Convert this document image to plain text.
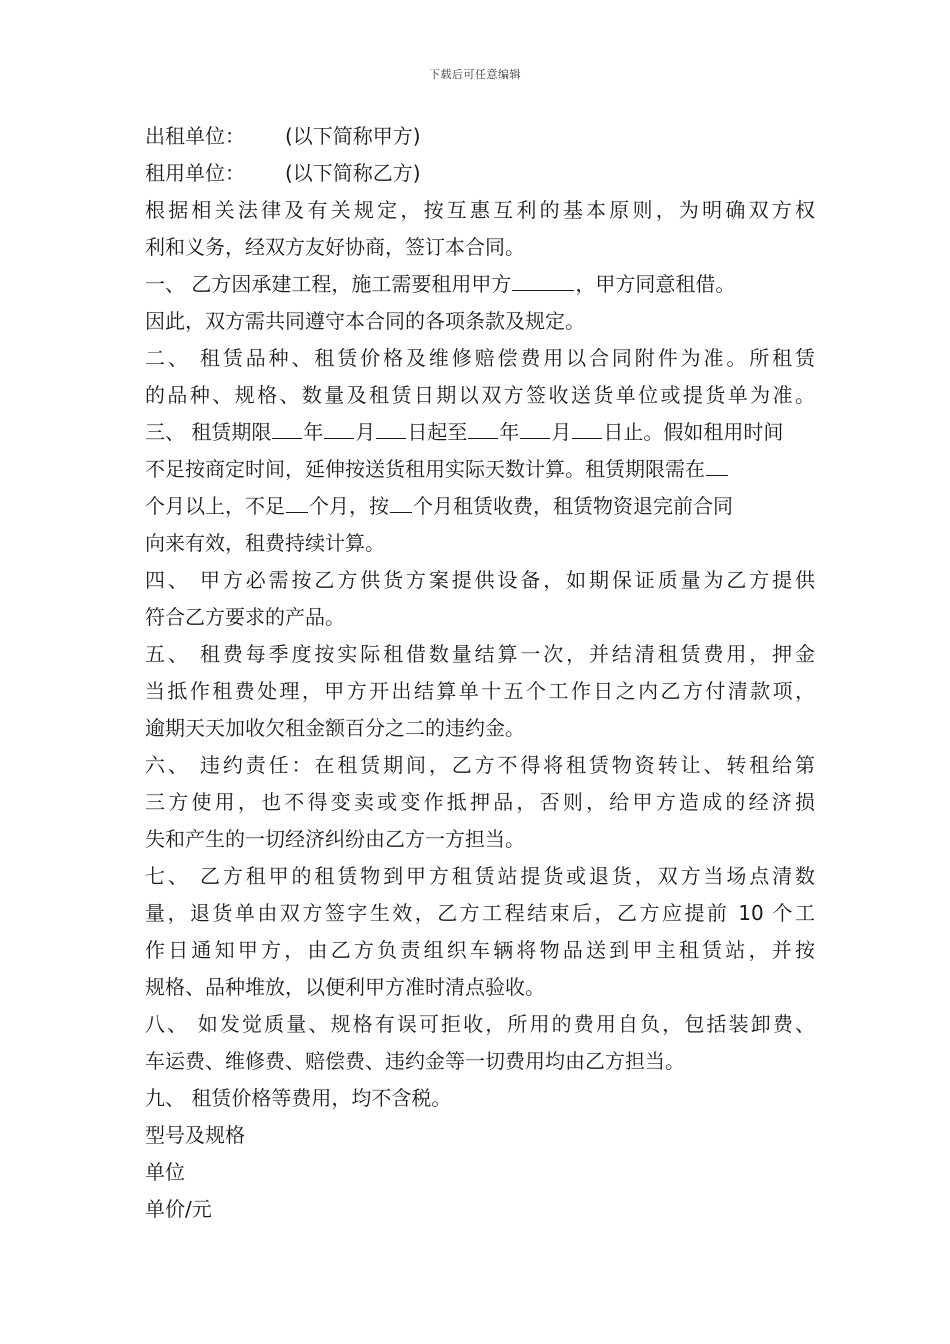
下载后可任意编辑
出租单位： (以下简称甲方)
租用单位： (以下简称乙方)
根据相关法律及有关规定，按互惠互利的基本原则，为明确双方权
利和义务，经双方友好协商，签订本合同。
一、 乙方因承建工程，施工需要租用甲方	，甲方同意租借。
因此，双方需共同遵守本合同的各项条款及规定。
二、 租赁品种、租赁价格及维修赔偿费用以合同附件为准。所租赁
的品种、规格、数量及租赁日期以双方签收送货单位或提货单为准。
三、 租赁期限 年 月 日起至 年 月 日止。假如租用时间
不足按商定时间，延伸按送货租用实际天数计算。租赁期限需在
个月以上，不足 个月，按 个月租赁收费，租赁物资退完前合同
向来有效，租费持续计算。
四、 甲方必需按乙方供货方案提供设备，如期保证质量为乙方提供
符合乙方要求的产品。
五、 租费每季度按实际租借数量结算一次，并结清租赁费用，押金
当抵作租费处理，甲方开出结算单十五个工作日之内乙方付清款项，
逾期天天加收欠租金额百分之二的违约金。
六、 违约责任：在租赁期间，乙方不得将租赁物资转让、转租给第
三方使用，也不得变卖或变作抵押品，否则，给甲方造成的经济损
失和产生的一切经济纠纷由乙方一方担当。
七、 乙方租甲的租赁物到甲方租赁站提货或退货，双方当场点清数
量，退货单由双方签字生效，乙方工程结束后，乙方应提前 10 个工
作日通知甲方，由乙方负责组织车辆将物品送到甲主租赁站，并按
规格、品种堆放，以便利甲方准时清点验收。
八、 如发觉质量、规格有误可拒收，所用的费用自负，包括装卸费、
车运费、维修费、赔偿费、违约金等一切费用均由乙方担当。
九、 租赁价格等费用，均不含税。
型号及规格
单位
单价/元
